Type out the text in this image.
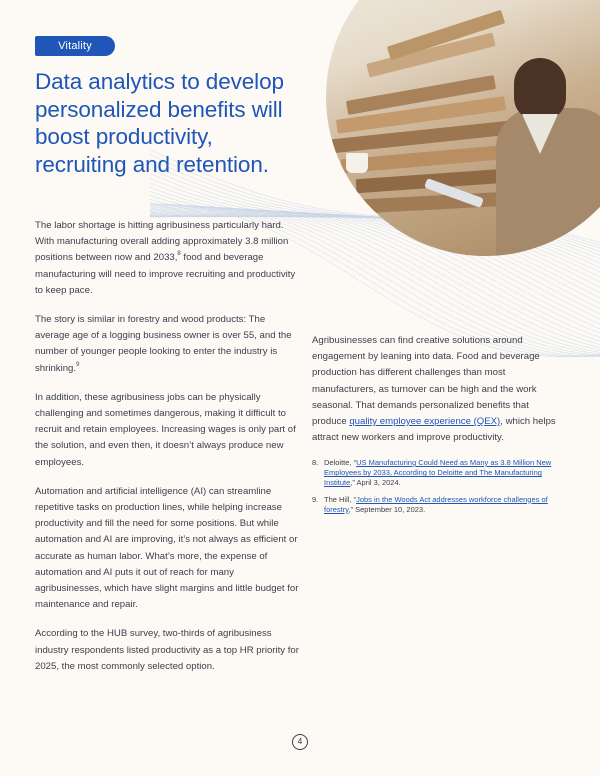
Vitality
Data analytics to develop personalized benefits will boost productivity, recruiting and retention.

The labor shortage is hitting agribusiness particularly hard. With manufacturing overall adding approximately 3.8 million positions between now and 2033,$^8$ food and beverage manufacturing will need to improve recruiting and productivity to keep pace.

The story is similar in forestry and wood products: The average age of a logging business owner is over 55, and the number of younger people looking to enter the industry is shrinking.$^9$

In addition, these agribusiness jobs can be physically challenging and sometimes dangerous, making it difficult to recruit and retain employees. Increasing wages is only part of the solution, and even then, it doesn’t always produce new employees.

Automation and artificial intelligence (AI) can streamline repetitive tasks on production lines, while helping increase productivity and fill the need for some positions. But while automation and AI are improving, it’s not always as efficient or accurate as human labor. What’s more, the expense of automation and AI puts it out of reach for many agribusinesses, which have slight margins and little budget for maintenance and repair.

According to the HUB survey, two-thirds of agribusiness industry respondents listed productivity as a top HR priority for 2025, the most commonly selected option.

Agribusinesses can find creative solutions around engagement by leaning into data. Food and beverage production has different challenges than most manufacturers, as turnover can be high and the work seasonal. That demands personalized benefits that produce quality employee experience (QEX), which helps attract new workers and improve productivity.

8. Deloitte, “US Manufacturing Could Need as Many as 3.8 Million New Employees by 2033, According to Deloitte and The Manufacturing Institute,” April 3, 2024.
9. The Hill, “Jobs in the Woods Act addresses workforce challenges of forestry,” September 10, 2023.
4
